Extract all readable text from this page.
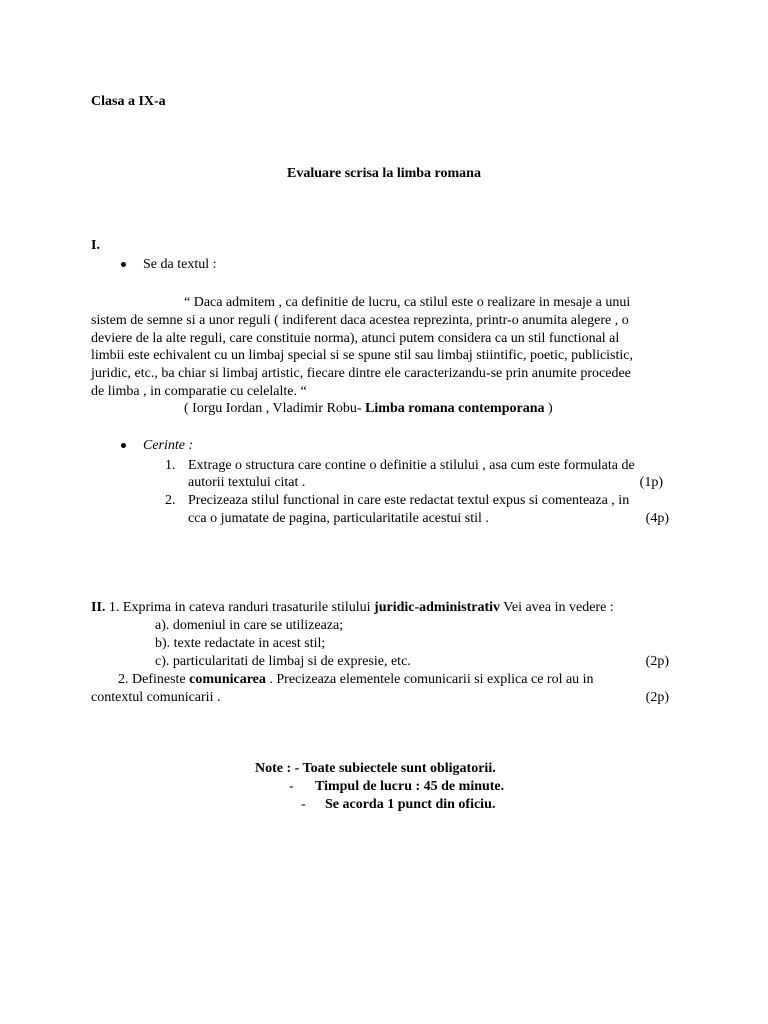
Clasa a IX-a
Evaluare scrisa la limba romana
I.
Se da textul :
“ Daca admitem , ca definitie de lucru, ca stilul este o realizare in mesaje a unui
sistem de semne si a unor reguli ( indiferent daca acestea reprezinta, printr-o anumita alegere , o
deviere de la alte reguli, care constituie norma), atunci putem considera ca un stil functional al
limbii este echivalent cu un limbaj special si se spune stil sau limbaj stiintific, poetic, publicistic,
juridic, etc., ba chiar si limbaj artistic, fiecare dintre ele caracterizandu-se prin anumite procedee
de limba , in comparatie cu celelalte. “
( Iorgu Iordan , Vladimir Robu- Limba romana contemporana )
Cerinte :
1. Extrage o structura care contine o definitie a stilului , asa cum este formulata de
autorii textului citat .	(1p)
2. Precizeaza stilul functional in care este redactat textul expus si comenteaza , in
cca o jumatate de pagina, particularitatile acestui stil .	(4p)
II. 1. Exprima in cateva randuri trasaturile stilului juridic-administrativ Vei avea in vedere :
a). domeniul in care se utilizeaza;
b). texte redactate in acest stil;
c). particularitati de limbaj si de expresie, etc.	(2p)
2. Defineste comunicarea . Precizeaza elementele comunicarii si explica ce rol au in
contextul comunicarii .	(2p)
Note : - Toate subiectele sunt obligatorii.
- Timpul de lucru : 45 de minute.
- Se acorda 1 punct din oficiu.
